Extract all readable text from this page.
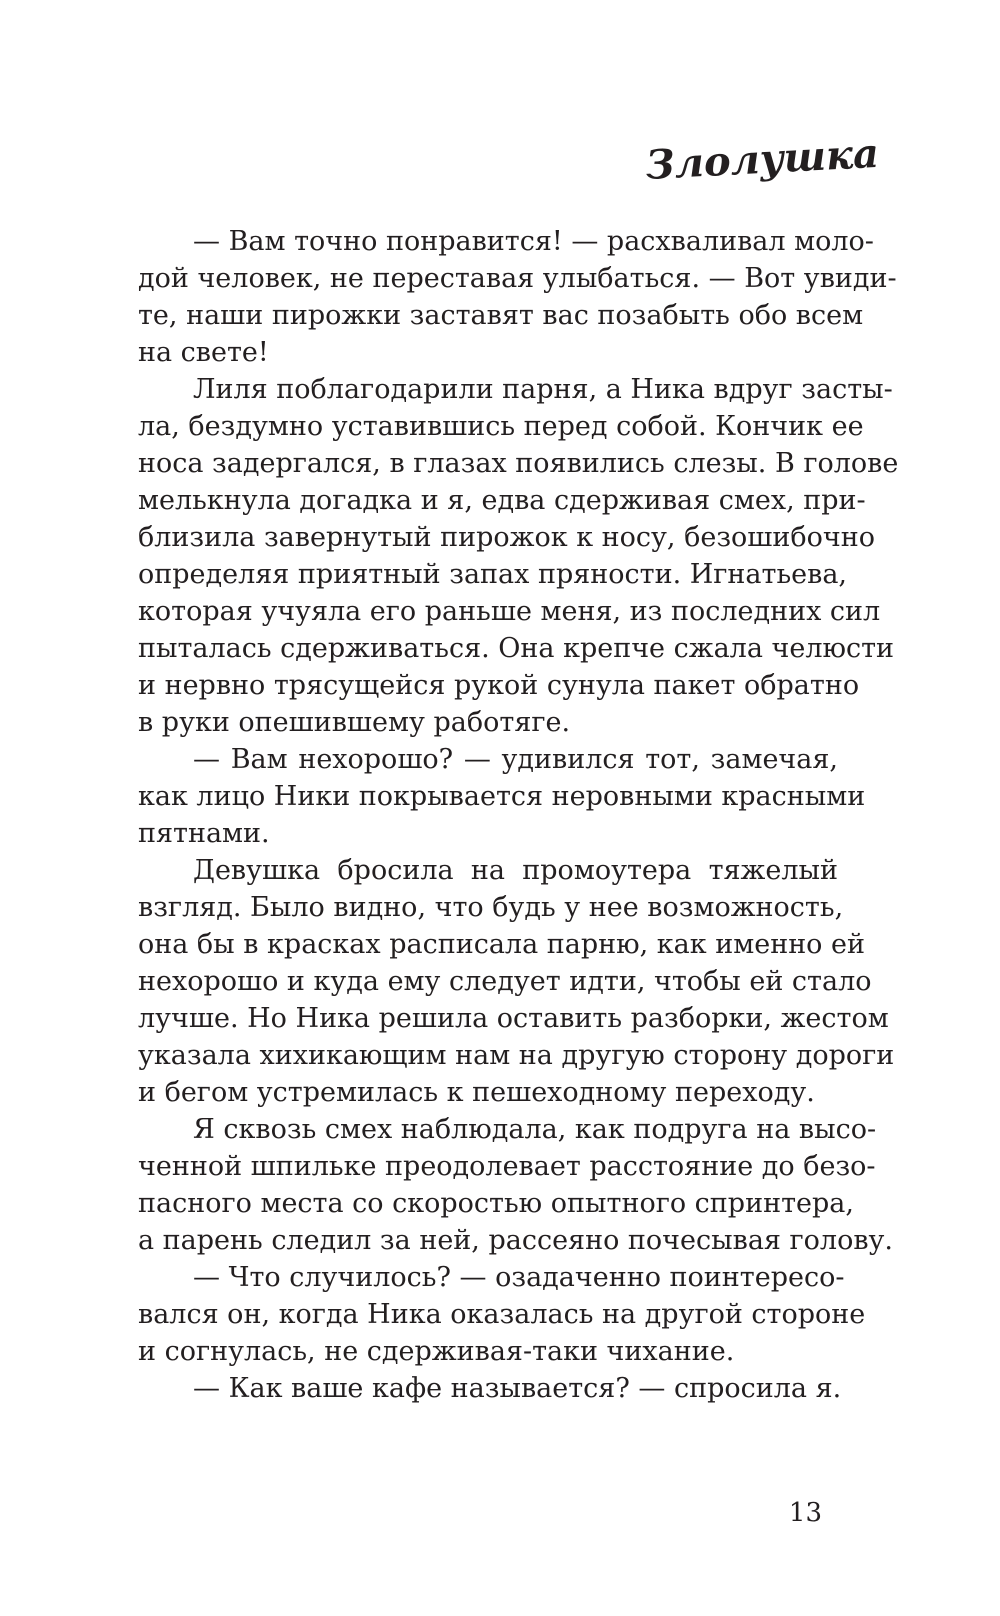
Злолушка
— Вам точно понравится! — расхваливал моло-
дой человек, не переставая улыбаться. — Вот увиди-
те, наши пирожки заставят вас позабыть обо всем
на свете!
Лиля поблагодарили парня, а Ника вдруг засты-
ла, бездумно уставившись перед собой. Кончик ее
носа задергался, в глазах появились слезы. В голове
мелькнула догадка и я, едва сдерживая смех, при-
близила завернутый пирожок к носу, безошибочно
определяя приятный запах пряности. Игнатьева,
которая учуяла его раньше меня, из последних сил
пыталась сдерживаться. Она крепче сжала челюсти
и нервно трясущейся рукой сунула пакет обратно
в руки опешившему работяге.
— Вам нехорошо? — удивился тот, замечая,
как лицо Ники покрывается неровными красными
пятнами.
Девушка бросила на промоутера тяжелый
взгляд. Было видно, что будь у нее возможность,
она бы в красках расписала парню, как именно ей
нехорошо и куда ему следует идти, чтобы ей стало
лучше. Но Ника решила оставить разборки, жестом
указала хихикающим нам на другую сторону дороги
и бегом устремилась к пешеходному переходу.
Я сквозь смех наблюдала, как подруга на высо-
ченной шпильке преодолевает расстояние до безо-
пасного места со скоростью опытного спринтера,
а парень следил за ней, рассеяно почесывая голову.
— Что случилось? — озадаченно поинтересо-
вался он, когда Ника оказалась на другой стороне
и согнулась, не сдерживая-таки чихание.
— Как ваше кафе называется? — спросила я.
13
